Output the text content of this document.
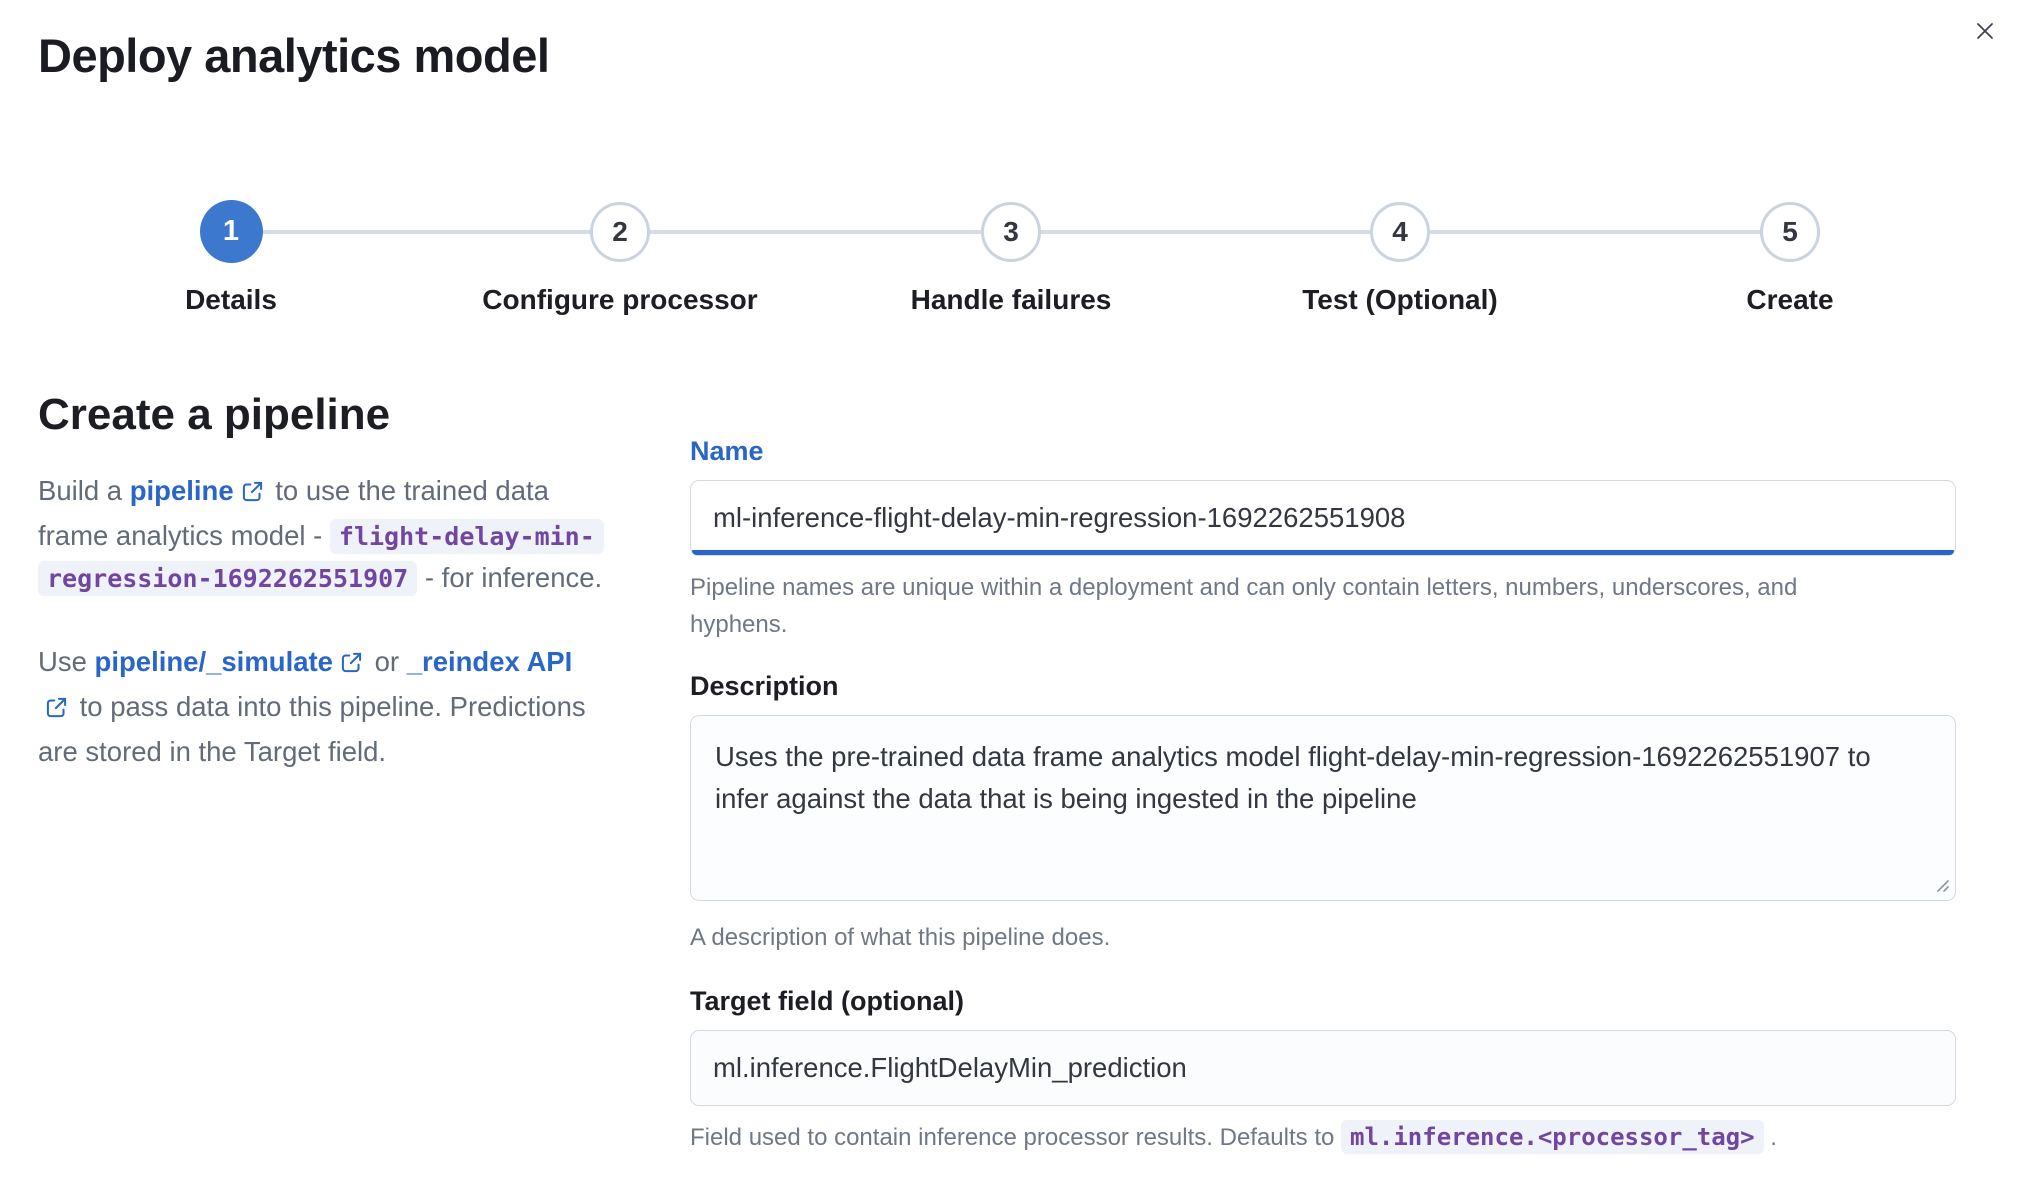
Deploy analytics model
1
Details
2
Configure processor
3
Handle failures
4
Test (Optional)
5
Create
Create a pipeline

Build a pipeline to use the trained data frame analytics model - flight-delay-min-regression-1692262551907 - for inference.

Use pipeline/_simulate or _reindex API to pass data into this pipeline. Predictions are stored in the Target field.

Name
ml-inference-flight-delay-min-regression-1692262551908
Pipeline names are unique within a deployment and can only contain letters, numbers, underscores, and
hyphens.
Description
Uses the pre-trained data frame analytics model flight-delay-min-regression-1692262551907 to infer against the data that is being ingested in the pipeline
A description of what this pipeline does.
Target field (optional)
ml.inference.FlightDelayMin_prediction
Field used to contain inference processor results. Defaults to ml.inference.<processor_tag> .
